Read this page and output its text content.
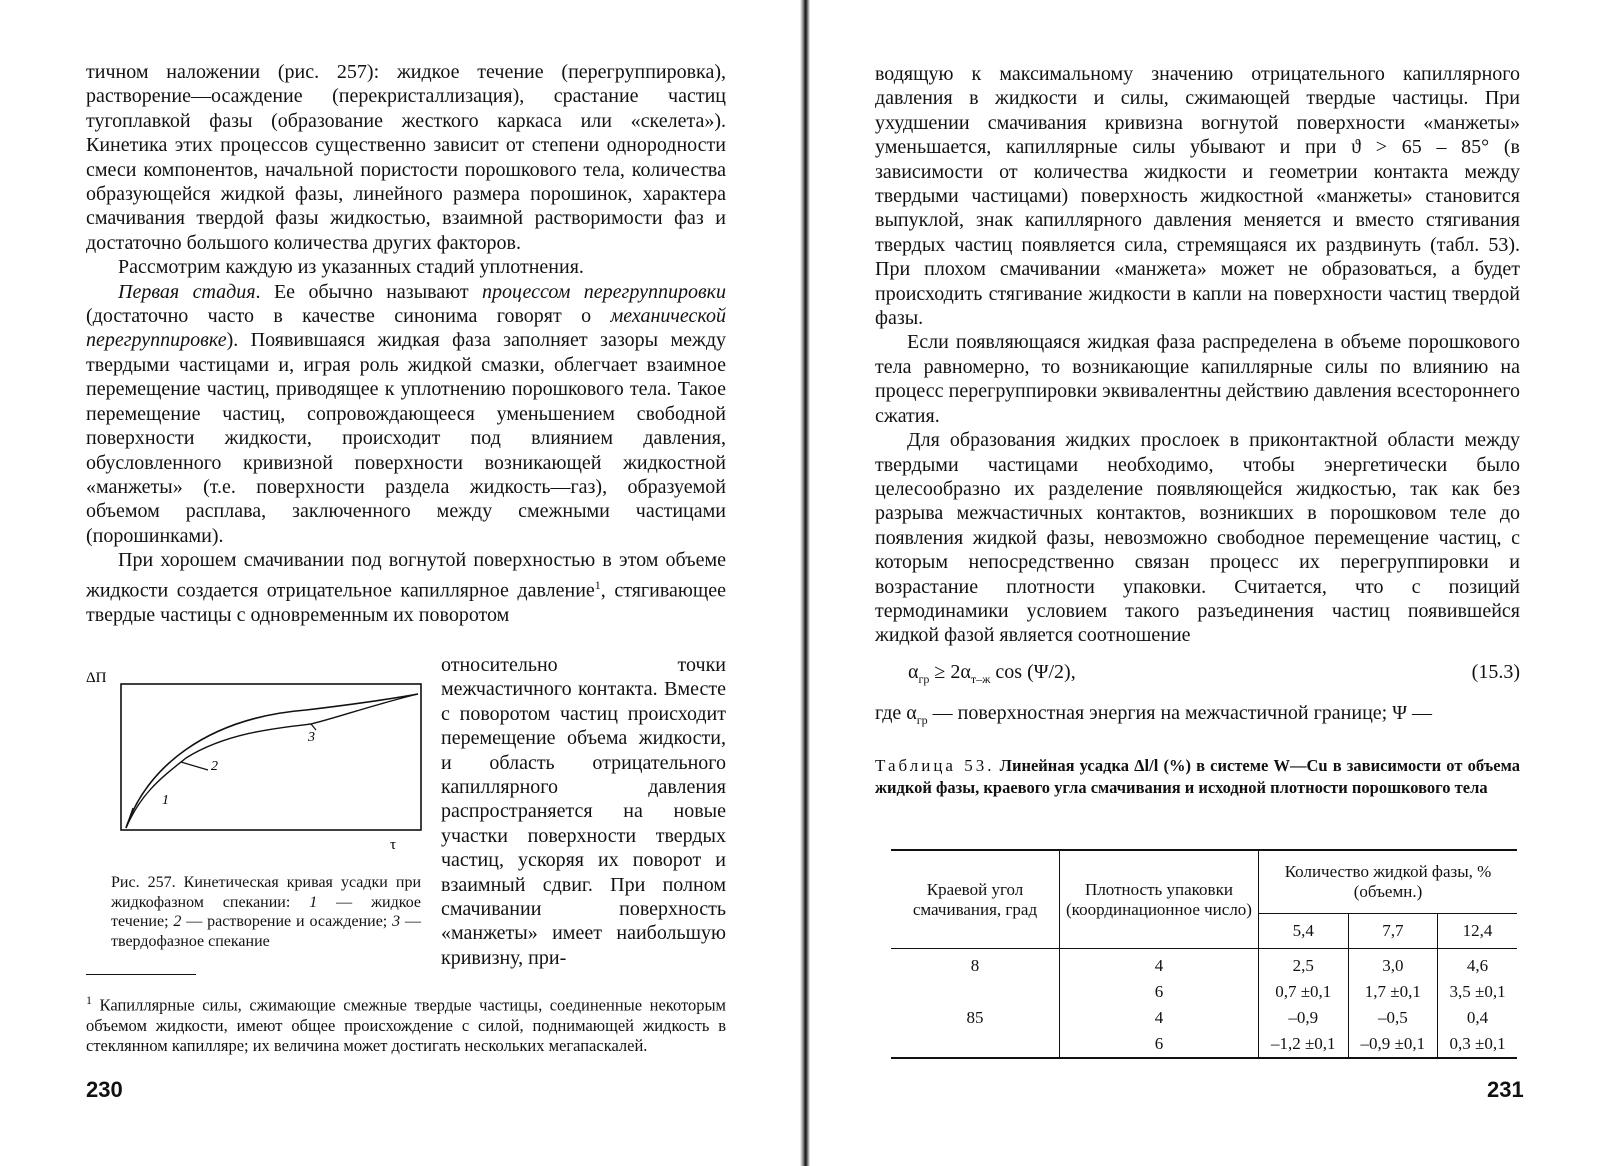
тичном наложении (рис. 257): жидкое течение (перегруппировка), растворение—осаждение (перекристаллизация), срастание частиц тугоплавкой фазы (образование жесткого каркаса или «скелета»). Кинетика этих процессов существенно зависит от степени однородности смеси компонентов, начальной пористости порошкового тела, количества образующейся жидкой фазы, линейного размера порошинок, характера смачивания твердой фазы жидкостью, взаимной растворимости фаз и достаточно большого количества других факторов.

Рассмотрим каждую из указанных стадий уплотнения.

Первая стадия. Ее обычно называют процессом перегруппировки (достаточно часто в качестве синонима говорят о механической перегруппировке). Появившаяся жидкая фаза заполняет зазоры между твердыми частицами и, играя роль жидкой смазки, облегчает взаимное перемещение частиц, приводящее к уплотнению порошкового тела. Такое перемещение частиц, сопровождающееся уменьшением свободной поверхности жидкости, происходит под влиянием давления, обусловленного кривизной поверхности возникающей жидкостной «манжеты» (т.е. поверхности раздела жидкость—газ), образуемой объемом расплава, заключенного между смежными частицами (порошинками).

При хорошем смачивании под вогнутой поверхностью в этом объеме жидкости создается отрицательное капиллярное давление$^1$, стягивающее твердые частицы с одновременным их поворотом

ΔП
τ
1
2
3
Рис. 257. Кинетическая кривая усадки при жидкофазном спекании: 1 — жидкое течение; 2 — растворение и осаждение; 3 — твердофазное спекание
относительно точки межчастичного контакта. Вместе с поворотом частиц происходит перемещение объема жидкости, и область отрицательного капиллярного давления распространяется на новые участки поверхности твердых частиц, ускоряя их поворот и взаимный сдвиг. При полном смачивании поверхность «манжеты» имеет наибольшую кривизну, при-
$^1$ Капиллярные силы, сжимающие смежные твердые частицы, соединенные некоторым объемом жидкости, имеют общее происхождение с силой, поднимающей жидкость в стеклянном капилляре; их величина может достигать нескольких мегапаскалей.
230

водящую к максимальному значению отрицательного капиллярного давления в жидкости и силы, сжимающей твердые частицы. При ухудшении смачивания кривизна вогнутой поверхности «манжеты» уменьшается, капиллярные силы убывают и при ϑ > 65 – 85° (в зависимости от количества жидкости и геометрии контакта между твердыми частицами) поверхность жидкостной «манжеты» становится выпуклой, знак капиллярного давления меняется и вместо стягивания твердых частиц появляется сила, стремящаяся их раздвинуть (табл. 53). При плохом смачивании «манжета» может не образоваться, а будет происходить стягивание жидкости в капли на поверхности частиц твердой фазы.

Если появляющаяся жидкая фаза распределена в объеме порошкового тела равномерно, то возникающие капиллярные силы по влиянию на процесс перегруппировки эквивалентны действию давления всестороннего сжатия.

Для образования жидких прослоек в приконтактной области между твердыми частицами необходимо, чтобы энергетически было целесообразно их разделение появляющейся жидкостью, так как без разрыва межчастичных контактов, возникших в порошковом теле до появления жидкой фазы, невозможно свободное перемещение частиц, с которым непосредственно связан процесс их перегруппировки и возрастание плотности упаковки. Считается, что с позиций термодинамики условием такого разъединения частиц появившейся жидкой фазой является соотношение

$\alpha_{гр} \ge 2\alpha_{т-ж}$ cos (Ψ/2),	(15.3)
где $\alpha_{гр}$ — поверхностная энергия на межчастичной границе; Ψ —
Таблица 53. Линейная усадка Δl/l (%) в системе W—Cu в зависимости от объема жидкой фазы, краевого угла смачивания и исходной плотности порошкового тела
Краевой угол смачивания, град	Плотность упаковки (координационное число)	Количество жидкой фазы, % (объемн.)		
		5,4	7,7	12,4
8	4	2,5	3,0	4,6
	6	0,7 ±0,1	1,7 ±0,1	3,5 ±0,1
85	4	–0,9	–0,5	0,4
	6	–1,2 ±0,1	–0,9 ±0,1	0,3 ±0,1
231
